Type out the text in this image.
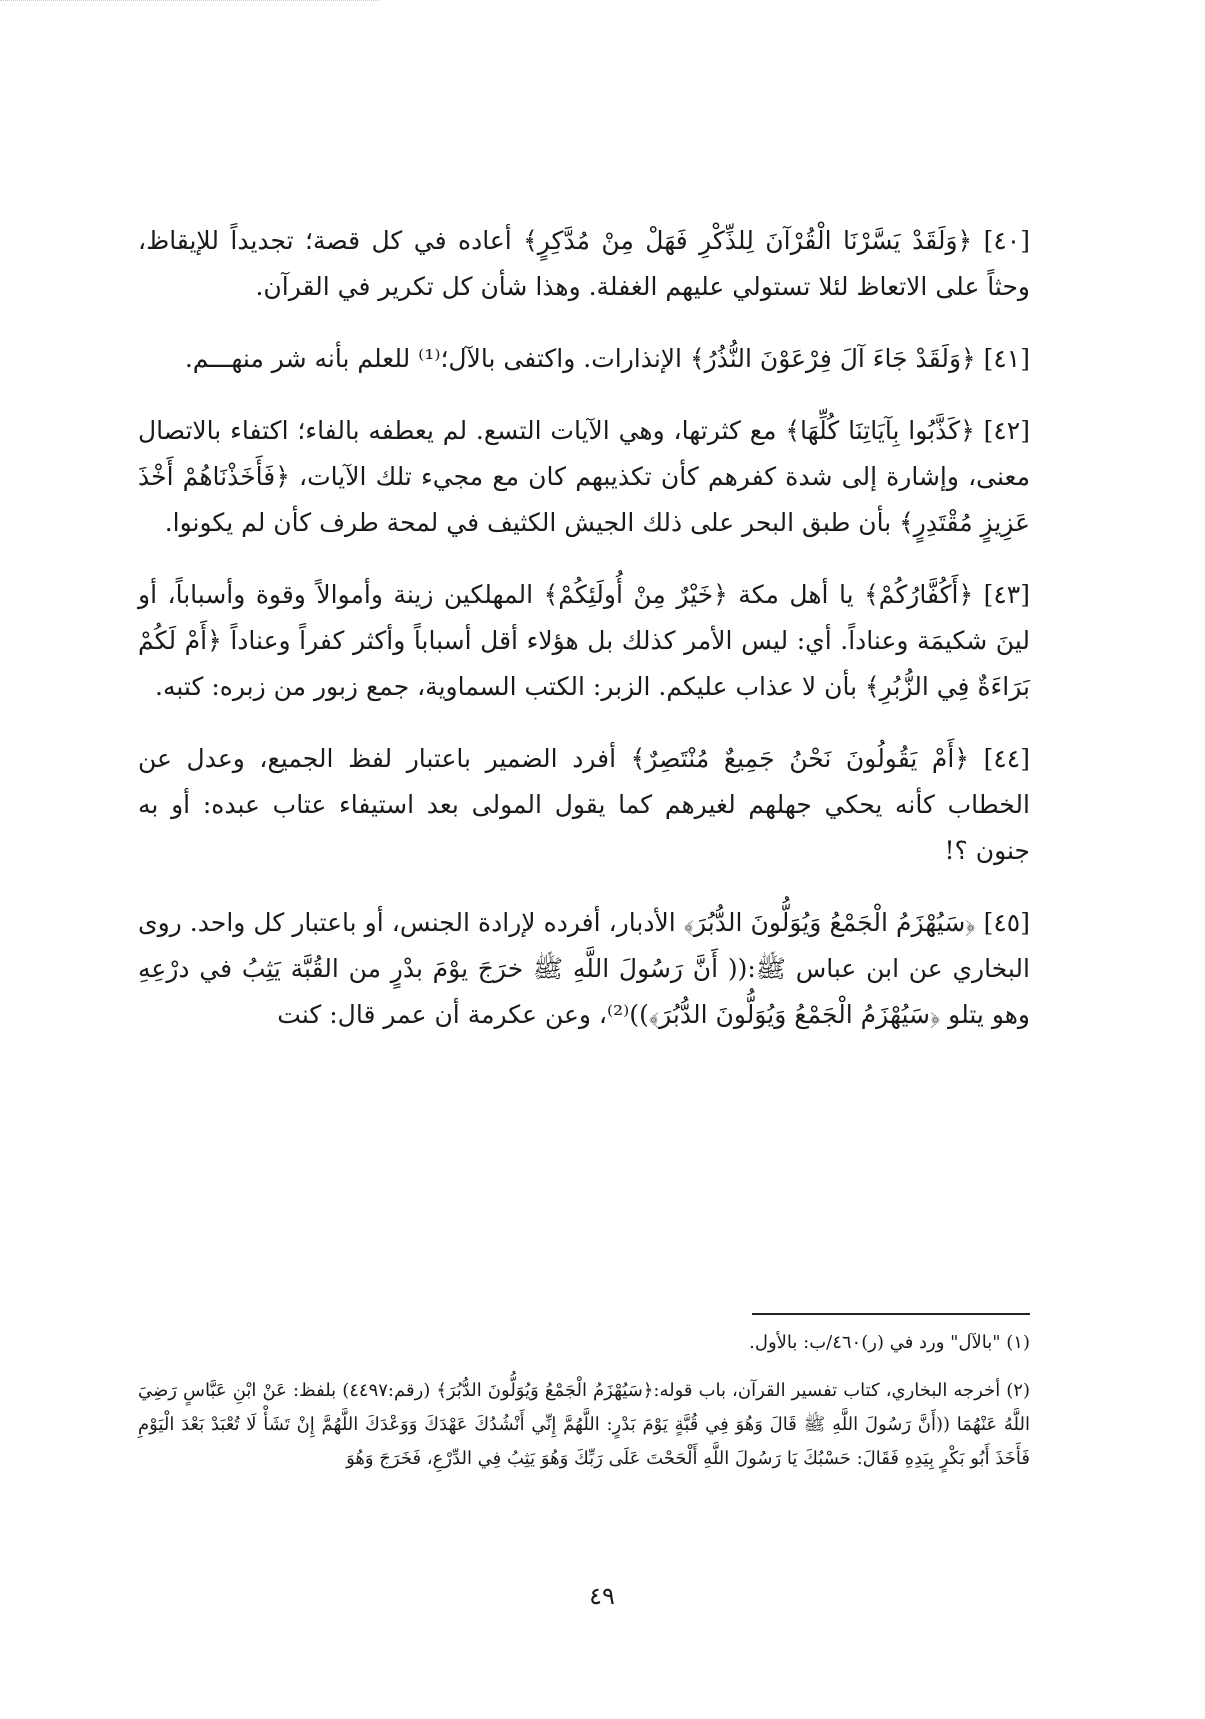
[٤٠] ﴿وَلَقَدْ يَسَّرْنَا الْقُرْآنَ لِلذِّكْرِ فَهَلْ مِنْ مُدَّكِرٍ﴾ أعاده في كل قصة؛ تجديداً للإيقاظ، وحثاً على الاتعاظ لئلا تستولي عليهم الغفلة. وهذا شأن كل تكرير في القرآن.

[٤١] ﴿وَلَقَدْ جَاءَ آلَ فِرْعَوْنَ النُّذُرُ﴾ الإنذارات. واكتفى بالآل؛⁽¹⁾ للعلم بأنه شر منهـــم.

[٤٢] ﴿كَذَّبُوا بِآيَاتِنَا كُلِّهَا﴾ مع كثرتها، وهي الآيات التسع. لم يعطفه بالفاء؛ اكتفاء بالاتصال معنى، وإشارة إلى شدة كفرهم كأن تكذيبهم كان مع مجيء تلك الآيات، ﴿فَأَخَذْنَاهُمْ أَخْذَ عَزِيزٍ مُقْتَدِرٍ﴾ بأن طبق البحر على ذلك الجيش الكثيف في لمحة طرف كأن لم يكونوا.

[٤٣] ﴿أَكُفَّارُكُمْ﴾ يا أهل مكة ﴿خَيْرٌ مِنْ أُولَئِكُمْ﴾ المهلكين زينة وأموالاً وقوة وأسباباً، أو لينَ شكيمَة وعناداً. أي: ليس الأمر كذلك بل هؤلاء أقل أسباباً وأكثر كفراً وعناداً ﴿أَمْ لَكُمْ بَرَاءَةٌ فِي الزُّبُرِ﴾ بأن لا عذاب عليكم. الزبر: الكتب السماوية، جمع زبور من زبره: كتبه.

[٤٤] ﴿أَمْ يَقُولُونَ نَحْنُ جَمِيعٌ مُنْتَصِرٌ﴾ أفرد الضمير باعتبار لفظ الجميع، وعدل عن الخطاب كأنه يحكي جهلهم لغيرهم كما يقول المولى بعد استيفاء عتاب عبده: أو به جنون ؟!

[٤٥] ﴿سَيُهْزَمُ الْجَمْعُ وَيُوَلُّونَ الدُّبُرَ﴾ الأدبار، أفرده لإرادة الجنس، أو باعتبار كل واحد. روى البخاري عن ابن عباس ﷺ:(( أَنَّ رَسُولَ اللَّهِ ﷺ خرَجَ يوْمَ بدْرٍ من القُبَّة يَثِبُ في درْعِهِ وهو يتلو ﴿سَيُهْزَمُ الْجَمْعُ وَيُوَلُّونَ الدُّبُرَ﴾))⁽²⁾، وعن عكرمة أن عمر قال: كنت

(١) "بالآل" ورد في (ر)٤٦٠/ب: بالأول.

(٢) أخرجه البخاري، كتاب تفسير القرآن، باب قوله:﴿سَيُهْزَمُ الْجَمْعُ وَيُوَلُّونَ الدُّبُرَ﴾ (رقم:٤٤٩٧) بلفظ: عَنْ ابْنِ عَبَّاسٍ رَضِيَ اللَّهُ عَنْهُمَا ((أَنَّ رَسُولَ اللَّهِ ﷺ قَالَ وَهُوَ فِي قُبَّةٍ يَوْمَ بَدْرٍ: اللَّهُمَّ إِنِّي أَنْشُدُكَ عَهْدَكَ وَوَعْدَكَ اللَّهُمَّ إِنْ تَشَأْ لَا تُعْبَدْ بَعْدَ الْيَوْمِ فَأَخَذَ أَبُو بَكْرٍ بِيَدِهِ فَقَالَ: حَسْبُكَ يَا رَسُولَ اللَّهِ أَلْحَحْتَ عَلَى رَبِّكَ وَهُوَ يَثِبُ فِي الدِّرْعِ، فَخَرَجَ وَهُوَ

٤٩
